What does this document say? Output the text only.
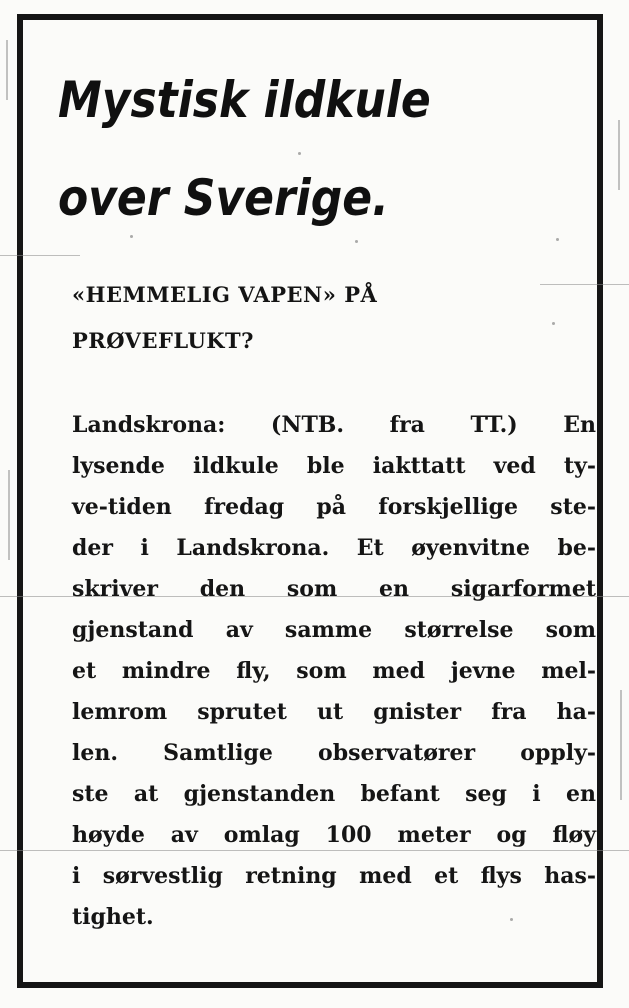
Mystisk ildkule
over Sverige.
«HEMMELIG VAPEN» PÅ
PRØVEFLUKT?
Landskrona: (NTB. fra TT.) En
lysende ildkule ble iakttatt ved ty-
ve-tiden fredag på forskjellige ste-
der i Landskrona. Et øyenvitne be-
skriver den som en sigarformet
gjenstand av samme størrelse som
et mindre fly, som med jevne mel-
lemrom sprutet ut gnister fra ha-
len. Samtlige observatører opply-
ste at gjenstanden befant seg i en
høyde av omlag 100 meter og fløy
i sørvestlig retning med et flys has-
tighet.
